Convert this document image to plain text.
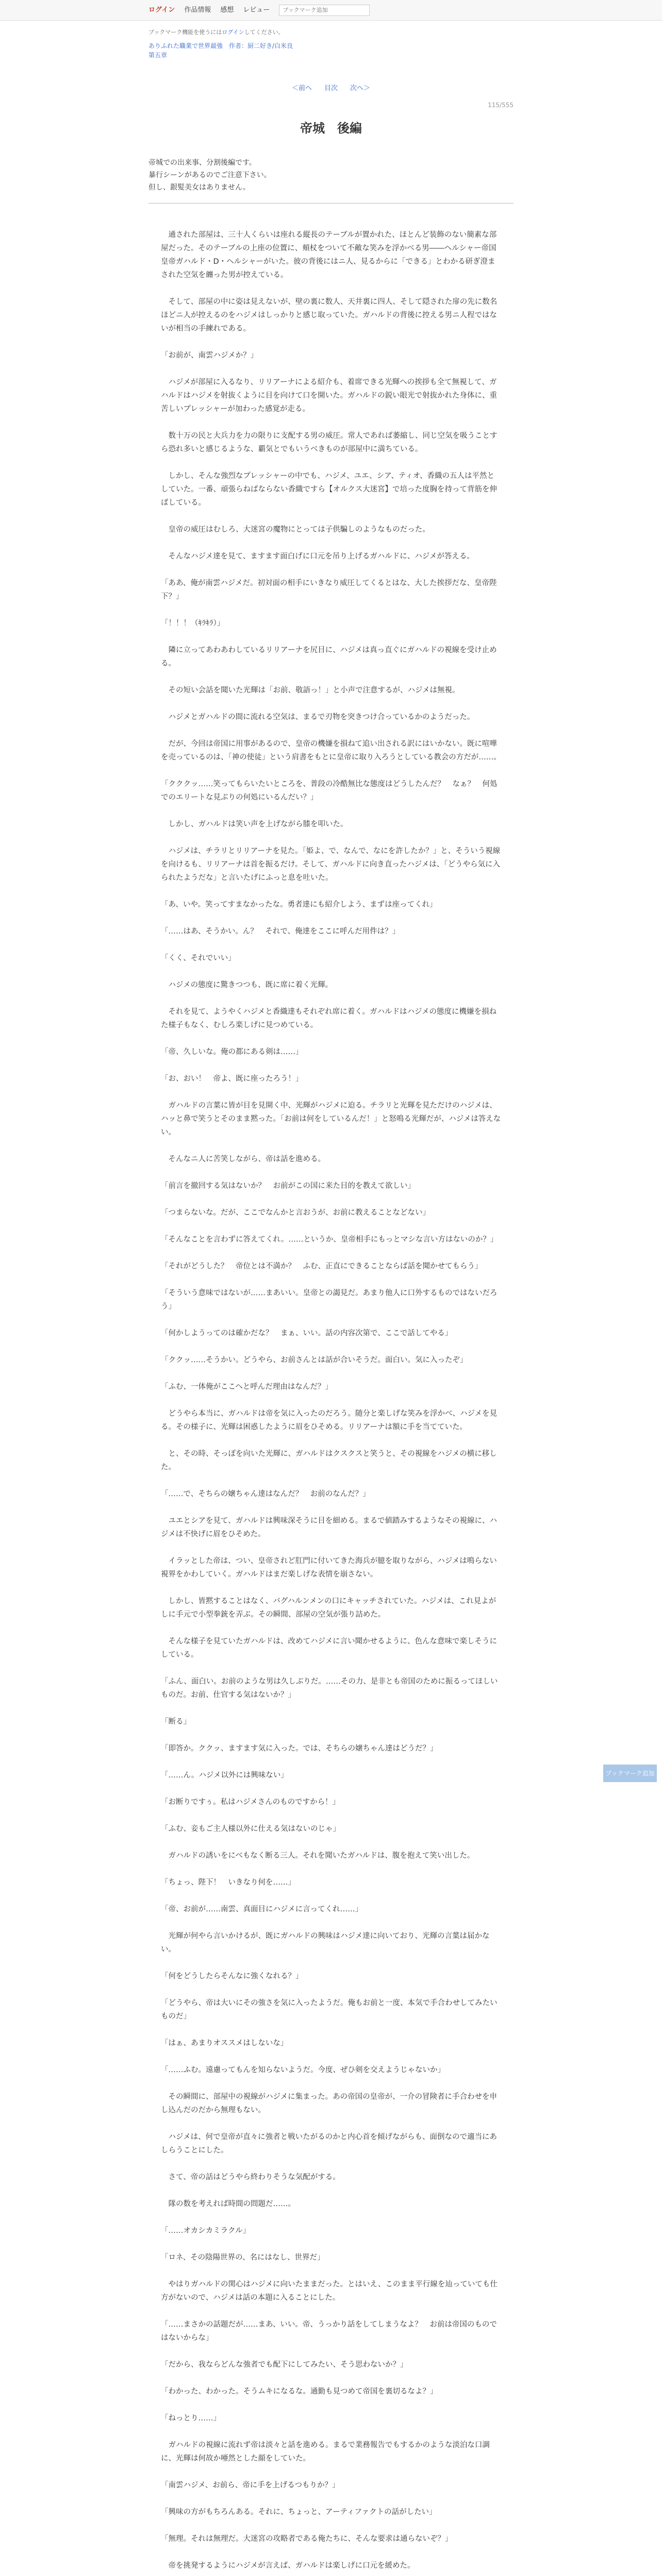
ログイン 作品情報 感想 レビュー
ブックマーク追加
ブックマーク機能を使うにはログインしてください。
ありふれた職業で世界最強　作者：厨二好き/白米良
第五章
＜前へ 目次 次へ＞
115/555
帝城　後編
帝城での出来事、分割後編です。
暴行シーンがあるのでご注意下さい。
但し、銀髪美女はありません。

　通された部屋は、三十人くらいは座れる縦長のテーブルが置かれた、ほとんど装飾のない簡素な部屋だった。そのテーブルの上座の位置に、頬杖をついて不敵な笑みを浮かべる男――ヘルシャー帝国皇帝ガハルド・D・ヘルシャーがいた。彼の背後にはニ人、見るからに「できる」とわかる研ぎ澄まされた空気を纏った男が控えている。

　そして、部屋の中に姿は見えないが、壁の裏に数人、天井裏に四人、そして隠された扉の先に数名ほどニ人が控えるのをハジメはしっかりと感じ取っていた。ガハルドの背後に控える男ニ人程ではないが相当の手練れである。

「お前が、南雲ハジメか？」

　ハジメが部屋に入るなり、リリアーナによる紹介も、着席できる光輝への挨拶も全て無視して、ガハルドはハジメを射抜くように目を向けて口を開いた。ガハルドの鋭い眼光で射抜かれた身体に、重苦しいプレッシャーが加わった感覚が走る。

　数十万の民と大兵力を力の限りに支配する男の威圧。常人であれば萎縮し、同じ空気を吸うことすら恐れ多いと感じるような、覇気とでもいうべきものが部屋中に満ちている。

　しかし、そんな強烈なプレッシャーの中でも、ハジメ、ユエ、シア、ティオ、香織の五人は平然としていた。一番、頑張らねばならない香織ですら【オルクス大迷宮】で培った度胸を持って背筋を伸ばしている。

　皇帝の威圧はむしろ、大迷宮の魔物にとっては子供騙しのようなものだった。

　そんなハジメ達を見て、ますます面白げに口元を吊り上げるガハルドに、ハジメが答える。

「ああ、俺が南雲ハジメだ。初対面の相手にいきなり威圧してくるとはな、大した挨拶だな、皇帝陛下？」

「！！！（ｷﾗｷﾗ）」

　隣に立ってあわあわしているリリアーナを尻目に、ハジメは真っ直ぐにガハルドの視線を受け止める。

　その短い会話を聞いた光輝は「お前、敬語っ！」と小声で注意するが、ハジメは無視。

　ハジメとガハルドの間に流れる空気は、まるで刃物を突きつけ合っているかのようだった。

　だが、今回は帝国に用事があるので、皇帝の機嫌を損ねて追い出される訳にはいかない。既に喧嘩を売っているのは、「神の使徒」という肩書をもとに皇帝に取り入ろうとしている教会の方だが……。

「クククッ……笑ってもらいたいところを、普段の冷酷無比な態度はどうしたんだ？　なぁ？　何処でのエリートな見ぶりの何処にいるんだい？」

　しかし、ガハルドは笑い声を上げながら膝を叩いた。

　ハジメは、チラリとリリアーナを見た。「姫よ、で、なんで、なにを許したか？」と、そういう視線を向けるも、リリアーナは首を振るだけ。そして、ガハルドに向き直ったハジメは、「どうやら気に入られたようだな」と言いたげにふっと息を吐いた。

「あ、いや。笑ってすまなかったな。勇者達にも紹介しよう、まずは座ってくれ」

「……はあ、そうかい。ん？　それで、俺達をここに呼んだ用件は？」

「くく、それでいい」

　ハジメの態度に驚きつつも、既に席に着く光輝。

　それを見て、ようやくハジメと香織達もそれぞれ席に着く。ガハルドはハジメの態度に機嫌を損ねた様子もなく、むしろ楽しげに見つめている。

「帝、久しいな。俺の都にある剣は……」

「お、おい！　帝よ、既に座ったろう！」

　ガハルドの言葉に皆が目を見開く中、光輝がハジメに迫る。チラリと光輝を見ただけのハジメは、ハッと鼻で笑うとそのまま黙った。「お前は何をしているんだ！」と怒鳴る光輝だが、ハジメは答えない。

　そんなニ人に苦笑しながら、帝は話を進める。

「前言を撤回する気はないか？　お前がこの国に来た目的を教えて欲しい」

「つまらないな。だが、ここでなんかと言おうが、お前に教えることなどない」

「そんなことを言わずに答えてくれ。……というか、皇帝相手にもっとマシな言い方はないのか？」

「それがどうした？　帝位とは不満か？　ふむ、正直にできることならば話を聞かせてもらう」

「そういう意味ではないが……まあいい。皇帝との謁見だ。あまり他人に口外するものではないだろう」

「何かしようってのは確かだな？　まぁ、いい。話の内容次第で、ここで話してやる」

「ククッ……そうかい。どうやら、お前さんとは話が合いそうだ。面白い。気に入ったぞ」

「ふむ、一体俺がここへと呼んだ理由はなんだ？」

　どうやら本当に、ガハルドは帝を気に入ったのだろう。随分と楽しげな笑みを浮かべ、ハジメを見る。その様子に、光輝は困惑したように眉をひそめる。リリアーナは額に手を当てていた。

　と、その時、そっぽを向いた光輝に、ガハルドはクスクスと笑うと、その視線をハジメの横に移した。

「……で、そちらの嬢ちゃん達はなんだ？　お前のなんだ？」

　ユエとシアを見て、ガハルドは興味深そうに目を細める。まるで値踏みするようなその視線に、ハジメは不快げに眉をひそめた。

　イラッとした帝は、つい、皇帝されど肛門に付いてきた海兵が臆を取りながら、ハジメは鳴らない視界をかわしていく。ガハルドはまだ楽しげな表情を崩さない。

　しかし、皆黙することはなく、バグハルンメンの口にキャッチされていた。ハジメは、これ見よがしに手元で小型拳銃を弄ぶ。その瞬間、部屋の空気が張り詰めた。

　そんな様子を見ていたガハルドは、改めてハジメに言い聞かせるように、色んな意味で楽しそうにしている。

「ふん、面白い。お前のような男は久しぶりだ。……その力、是非とも帝国のために振るってほしいものだ。お前、仕官する気はないか？」

「断る」

「即答か。ククッ、ますます気に入った。では、そちらの嬢ちゃん達はどうだ？」

「……ん。ハジメ以外には興味ない」

「お断りですぅ。私はハジメさんのものですから！」

「ふむ、妾もご主人様以外に仕える気はないのじゃ」

　ガハルドの誘いをにべもなく断る三人。それを聞いたガハルドは、腹を抱えて笑い出した。

「ちょっ、陛下！　いきなり何を……」

「帝、お前が……南雲、真面目にハジメに言ってくれ……」

　光輝が何やら言いかけるが、既にガハルドの興味はハジメ達に向いており、光輝の言葉は届かない。

「何をどうしたらそんなに強くなれる？」

「どうやら、帝は大いにその強さを気に入ったようだ。俺もお前と一度、本気で手合わせしてみたいものだ」

「はぁ、あまりオススメはしないな」

「……ふむ。遠慮ってもんを知らないようだ。今度、ぜひ剣を交えようじゃないか」

　その瞬間に、部屋中の視線がハジメに集まった。あの帝国の皇帝が、一介の冒険者に手合わせを申し込んだのだから無理もない。

　ハジメは、何で皇帝が直々に強者と戦いたがるのかと内心首を傾げながらも、面倒なので適当にあしらうことにした。

　さて、帝の話はどうやら終わりそうな気配がする。

　隊の数を考えれば時間の問題だ……。

「……オカシカミラクル」

「ロネ、その陰陽世界の、名にはなし、世界だ」

　やはりガハルドの関心はハジメに向いたままだった。とはいえ、このまま平行線を辿っていても仕方がないので、ハジメは話の本題に入ることにした。

「……まさかの話題だが……まあ、いい。帝、うっかり話をしてしまうなよ？　お前は帝国のものではないからな」

「だから、我ならどんな強者でも配下にしてみたい、そう思わないか？」

「わかった、わかった。そうムキになるな。通勤も見つめて帝国を裏切るなよ？」

「ねっとり……」

　ガハルドの視線に流れず帝は淡々と話を進める。まるで業務報告でもするかのような淡泊な口調に、光輝は何故か唖然とした顔をしていた。

「南雲ハジメ、お前ら、帝に手を上げるつもりか？」

「興味の方がもちろんある。それに、ちょっと、アーティファクトの話がしたい」

「無理。それは無理だ。大迷宮の攻略者である俺たちに、そんな要求は通らないぞ？」

　帝を挑発するようにハジメが言えば、ガハルドは楽しげに口元を緩めた。

ブックマーク追加
